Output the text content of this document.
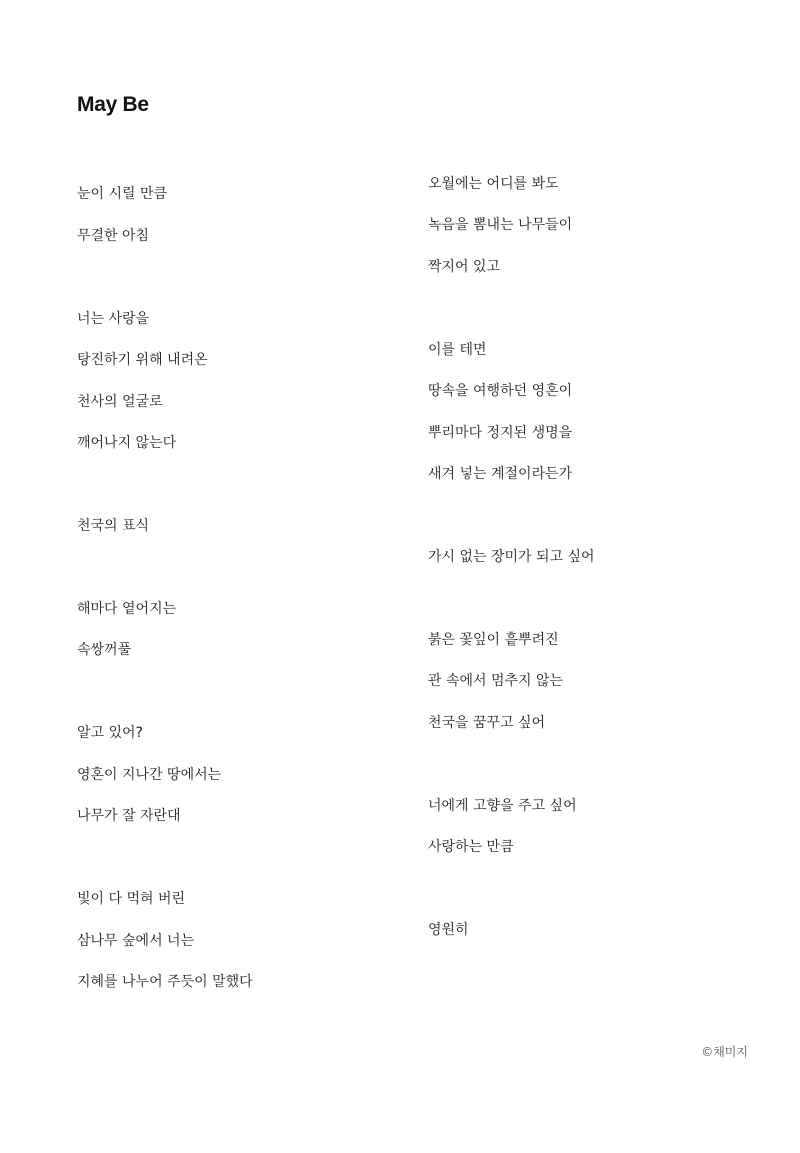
May Be
눈이 시릴 만큼
무결한 아침
너는 사랑을
탕진하기 위해 내려온
천사의 얼굴로
깨어나지 않는다
천국의 표식
해마다 옅어지는
속쌍꺼풀
알고 있어?
영혼이 지나간 땅에서는
나무가 잘 자란대
빛이 다 먹혀 버린
삼나무 숲에서 너는
지혜를 나누어 주듯이 말했다
오월에는 어디를 봐도
녹음을 뽐내는 나무들이
짝지어 있고
이를 테면
땅속을 여행하던 영혼이
뿌리마다 정지된 생명을
새겨 넣는 계절이라든가
가시 없는 장미가 되고 싶어
붉은 꽃잎이 흩뿌려진
관 속에서 멈추지 않는
천국을 꿈꾸고 싶어
너에게 고향을 주고 싶어
사랑하는 만큼
영원히
©채미지
